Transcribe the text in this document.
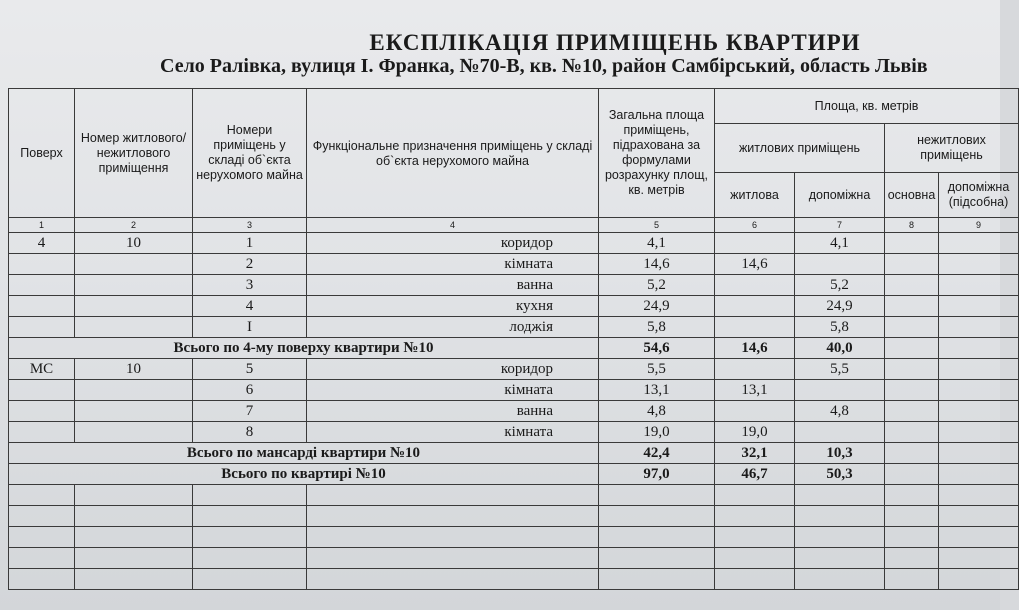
ЕКСПЛІКАЦІЯ ПРИМІЩЕНЬ КВАРТИРИ
Село Ралівка, вулиця І. Франка, №70-В, кв. №10, район Самбірський, область Львів
Поверх	Номер житлового/ нежитлового приміщення	Номери приміщень у складі об`єкта нерухомого майна	Функціональне призначення приміщень у складі об`єкта нерухомого майна	Загальна площа приміщень, підрахована за формулами розрахунку площ, кв. метрів	Площа, кв. метрів			
					житлових приміщень		нежитлових приміщень	
					житлова	допоміжна	основна	допоміжна (підсобна)
1	2	3	4	5	6	7	8	9
4	10	1	коридор	4,1		4,1		
		2	кімната	14,6	14,6			
		3	ванна	5,2		5,2		
		4	кухня	24,9		24,9		
		І	лоджія	5,8		5,8		
Всього по 4-му поверху квартири №10				54,6	14,6	40,0		
МС	10	5	коридор	5,5		5,5		
		6	кімната	13,1	13,1			
		7	ванна	4,8		4,8		
		8	кімната	19,0	19,0			
Всього по мансарді квартири №10				42,4	32,1	10,3		
Всього по квартирі №10				97,0	46,7	50,3		
